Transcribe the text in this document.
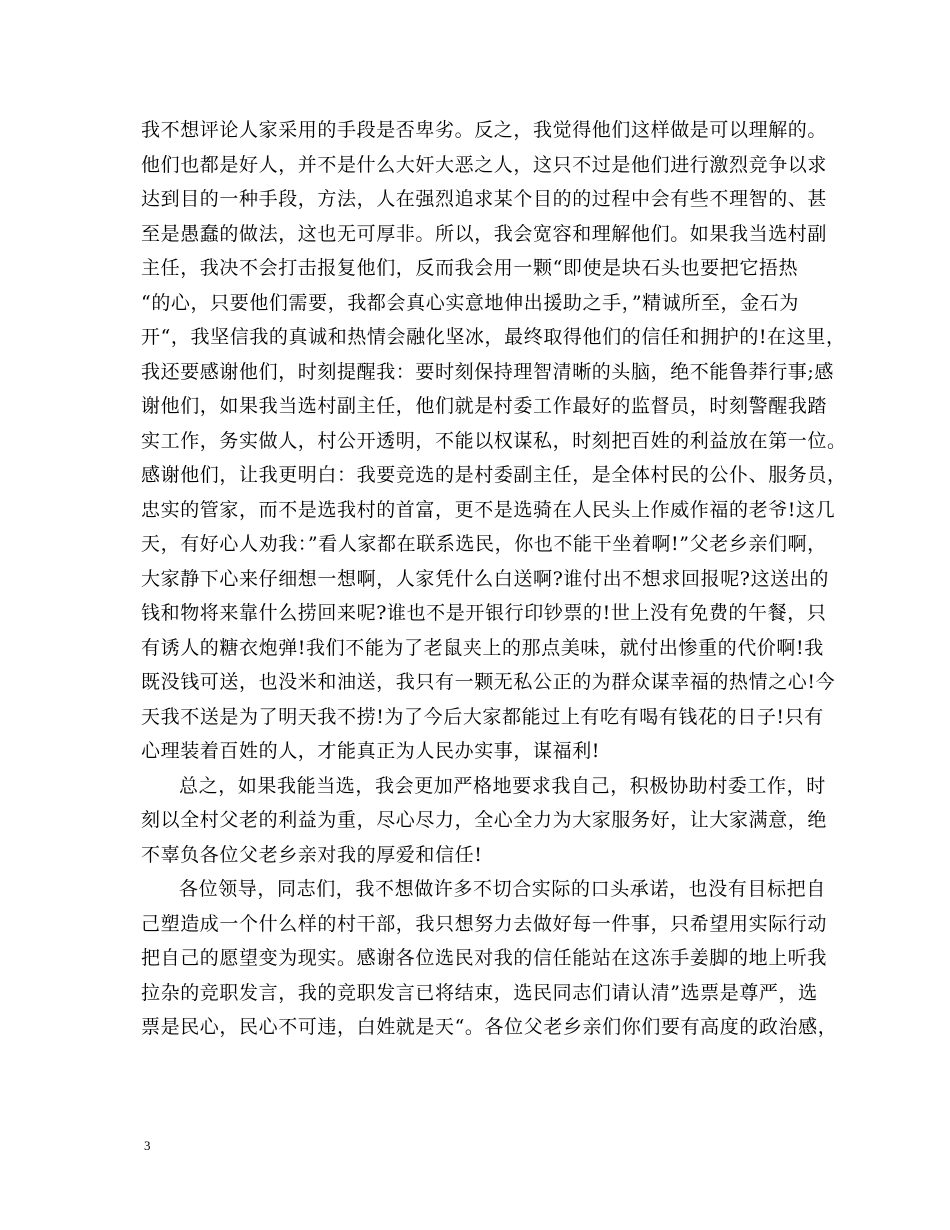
我不想评论人家采用的手段是否卑劣。反之，我觉得他们这样做是可以理解的。
他们也都是好人，并不是什么大奸大恶之人，这只不过是他们进行激烈竞争以求
达到目的一种手段，方法，人在强烈追求某个目的的过程中会有些不理智的、甚
至是愚蠢的做法，这也无可厚非。所以，我会宽容和理解他们。如果我当选村副
主任，我决不会打击报复他们，反而我会用一颗“即使是块石头也要把它捂热
“的心，只要他们需要，我都会真心实意地伸出援助之手，”精诚所至，金石为
开“，我坚信我的真诚和热情会融化坚冰，最终取得他们的信任和拥护的!在这里，
我还要感谢他们，时刻提醒我：要时刻保持理智清晰的头脑，绝不能鲁莽行事;感
谢他们，如果我当选村副主任，他们就是村委工作最好的监督员，时刻警醒我踏
实工作，务实做人，村公开透明，不能以权谋私，时刻把百姓的利益放在第一位。
感谢他们，让我更明白：我要竞选的是村委副主任，是全体村民的公仆、服务员，
忠实的管家，而不是选我村的首富，更不是选骑在人民头上作威作福的老爷!这几
天，有好心人劝我：”看人家都在联系选民，你也不能干坐着啊!”父老乡亲们啊，
大家静下心来仔细想一想啊，人家凭什么白送啊?谁付出不想求回报呢?这送出的
钱和物将来靠什么捞回来呢?谁也不是开银行印钞票的!世上没有免费的午餐，只
有诱人的糖衣炮弹!我们不能为了老鼠夹上的那点美味，就付出惨重的代价啊!我
既没钱可送，也没米和油送，我只有一颗无私公正的为群众谋幸福的热情之心!今
天我不送是为了明天我不捞!为了今后大家都能过上有吃有喝有钱花的日子!只有
心理装着百姓的人，才能真正为人民办实事，谋福利!

总之，如果我能当选，我会更加严格地要求我自己，积极协助村委工作，时
刻以全村父老的利益为重，尽心尽力，全心全力为大家服务好，让大家满意，绝
不辜负各位父老乡亲对我的厚爱和信任!

各位领导，同志们，我不想做许多不切合实际的口头承诺，也没有目标把自
己塑造成一个什么样的村干部，我只想努力去做好每一件事，只希望用实际行动
把自己的愿望变为现实。感谢各位选民对我的信任能站在这冻手姜脚的地上听我
拉杂的竞职发言，我的竞职发言已将结束，选民同志们请认清”选票是尊严，选
票是民心，民心不可违，白姓就是天“。各位父老乡亲们你们要有高度的政治感，

3
